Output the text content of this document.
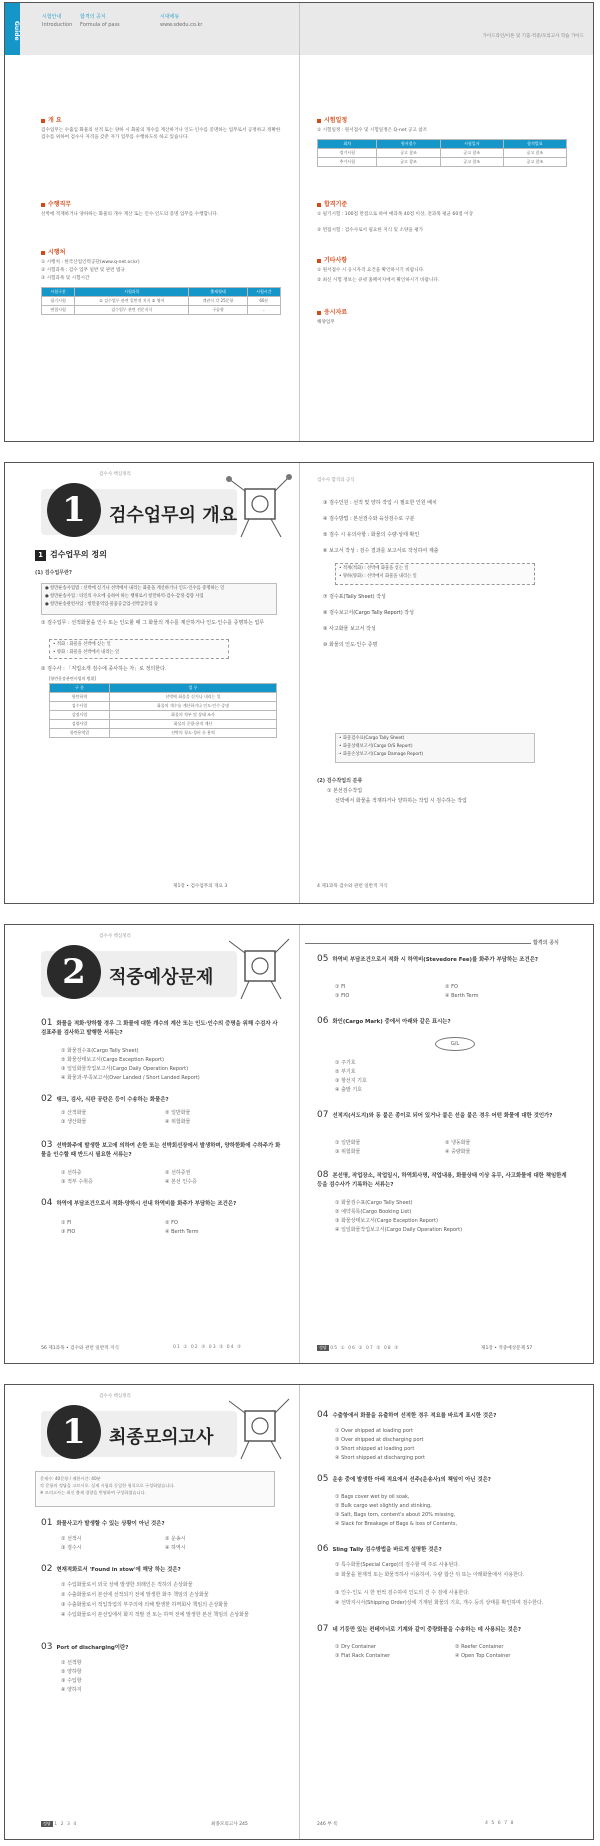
Guide
시험안내
Introduction
합격의 공식
Formula of pass
시대에듀
www.sdedu.co.kr
가이드라인/이론 및 기출·적중/모의고사 학습 가이드
개 요
검수업무는 수출입 화물의 선적 또는 양하 시 화물의 개수를 계산하거나 인도·인수를 증명하는 업무로서 공정하고 정확한 검수를 위하여 검수사 자격을 갖춘 자가 업무를 수행하도록 하고 있습니다.
수행직무
선박에 적재하거나 양하하는 화물의 개수 계산 또는 인수·인도의 증명 업무를 수행합니다.
시행처
① 시행처 : 한국산업인력공단(www.q-net.or.kr)
② 시험과목 : 검수 업무 일반 및 관련 법규
③ 시험과목 및 시험시간
시험구분	시험과목	출제형태	시험시간
필기시험	① 검수업무 관련 일반적 지식 ② 영어	객관식 각 25문항	60분
면접시험	검수업무 관련 전문지식	구술형	-
시험일정
① 시험일정 : 원서접수 및 시험일정은 Q-net 공고 참조
회차	원서접수	시험일자	합격발표
정기시험	공고 참조	공고 참조	공고 참조
추가시험	공고 참조	공고 참조	공고 참조
합격기준
① 필기시험 : 100점 만점으로 하여 매과목 40점 이상, 전과목 평균 60점 이상
② 면접시험 : 검수사로서 필요한 지식 및 소양을 평가
기타사항
① 원서접수 시 응시자격 요건을 확인하시기 바랍니다.
② 최신 시험 정보는 큐넷 홈페이지에서 확인하시기 바랍니다.
응시자료
해양업무
검수사 핵심정리
1	검수업무의 개요
1 검수업무의 정의
(1) 검수업무란?
● 항만운송사업법 : 선박에 싣거나 선박에서 내리는 화물을 계산하거나 인도·인수를 증명하는 일
● 항만운송사업 : 타인의 수요에 응하여 하는 행위로서 항만하역·검수·감정·검량 사업
● 항만운송관련사업 : 항만용역업·물품공급업·선박급유업 등
① 검수업무 : 선적화물을 인수 또는 인도할 때 그 화물의 개수를 계산하거나 인도·인수를 증명하는 업무
• 적화 : 화물을 선박에 싣는 일
• 양화 : 화물을 선박에서 내리는 일
② 검수사 : 「직업소개 검수에 종사하는 자」로 정의한다.
[항만운송관련사업의 범위]
구 분	업 무
항만하역	선박에 화물을 싣거나 내리는 일
검수사업	화물의 개수를 계산하거나 인도·인수 증명
감정사업	화물의 적부 및 상태 조사
검량사업	화물의 중량·용적 계산
항만용역업	선박의 청소·경비 등 용역
제1장 • 검수업무의 개요 3
검수사 합격의 공식
③ 검수인원 : 선적 및 양하 작업 시 필요한 인원 배치
④ 검수방법 : 본선검수와 육상검수로 구분
⑤ 검수 시 유의사항 : 화물의 수량·상태 확인
⑥ 보고서 작성 : 검수 결과를 보고서로 작성하여 제출
• 적재(적화) : 선박에 화물을 싣는 일
• 양하(양화) : 선박에서 화물을 내리는 일
⑦ 검수표(Tally Sheet) 작성
⑧ 검수보고서(Cargo Tally Report) 작성
⑨ 사고화물 보고서 작성
⑩ 화물의 인도·인수 증명
• 화물검수표(Cargo Tally Sheet)
• 화물상태보고서(Cargo O/S Report)
• 화물손상보고서(Cargo Damage Report)
(2) 검수작업의 분류
① 본선검수작업
선박에서 화물을 적재하거나 양하하는 작업 시 검수하는 작업
4 제1과목 검수와 관련 일반적 지식
검수사 핵심정리
2	적중예상문제
합격의 공식
01 화물을 적화·양하할 경우 그 화물에 대한 개수의 계산 또는 인도·인수의 증명을 위해 수검자 사검표주를 검사하고 발행한 서류는?
① 화물검수표(Cargo Tally Sheet)
② 화물상태보고서(Cargo Exception Report)
③ 일일화물작업보고서(Cargo Daily Operation Report)
④ 화물과·부족보고서(Over Landed / Short Landed Report)
02 탱크, 검사, 식판 공란은 등이 수송하는 화물은?
① 산적화물	② 일반화물
③ 생산화물	④ 위험화물
03 선박화주에 발생한 보고에 의하여 손한 또는 선박회선장에서 발생하며, 양하한화에 수하주가 화물을 인수할 때 반드시 필요한 서류는?
① 선하증	② 선하증권
③ 적부 수취증	④ 본선 인수증
04 하역에 부담조건으로서 적화·양하시 선내 하역비를 화주가 부담하는 조건은?
① FI	② FO
③ FIO	④ Berth Term
56 제1과목 • 검수와 관련 일반적 지식	01 ① 02 ③ 03 ② 04 ③
05 하역비 부담조건으로서 적화 시 하역비(Stevedore Fee)를 화주가 부담하는 조건은?
① FI	② FO
③ FIO	④ Berth Term
06 화인(Cargo Mark) 중에서 아래와 같은 표시는?
G/L
① 주기호
② 부기호
③ 항선지 기호
④ 출발 기호
07 선적지(서도지)와 동 붙은 종이로 되어 있거나 붙은 선을 붙은 경우 어떤 화물에 대한 것인가?
① 일반화물	② 냉동화물
③ 위험화물	④ 중량화물
08 본선명, 작업장소, 작업일시, 하역회사명, 작업내용, 화물상태 이상 유무, 사고화물에 대한 책임한계 등을 검수사가 기록하는 서류는?
① 화물검수표(Cargo Tally Sheet)
② 예약목록(Cargo Booking List)
③ 화물상태보고서(Cargo Exception Report)
④ 일일화물작업보고서(Cargo Daily Operation Report)
정답 05 ① 06 ② 07 ② 08 ③	제1장 • 적중예상문제 57
검수사 핵심정리
1	최종모의고사
문제수: 40문항 / 제한시간: 40분
각 문항의 정답을 고르시오. 실제 시험과 동일한 형식으로 구성하였습니다.
※ 모의고사는 최신 출제 경향을 반영하여 구성하였습니다.
01 화물사고가 발생할 수 있는 상황이 아닌 것은?
① 선적시	② 운송시
③ 검수시	④ 하역시
02 현재적화로서 'Found in stow'에 해당 하는 것은?
① 수입화물로서 외국 상에 발생한 외래인은 적하의 손상화물
② 수출화물로서 본선에 선적되기 전에 발생한 화주 책임의 손상화물
③ 수출화물로서 적입작업의 부주의에 의해 발생한 하역회사 책임의 손상화물
④ 수입화물로서 본선입에서 화지 적발 전 또는 하역 전에 발생한 본선 책임의 손상화물
03 Port of discharging이란?
① 선적항
② 양하항
③ 수입항
④ 양하지
정답 1 2 3 4	최종모의고사 245
04 수출항에서 화물을 유출하여 선적한 경우 적요를 바르게 표시한 것은?
① Over shipped at loading port
② Over shipped at discharging port
③ Short shipped at loading port
④ Short shipped at discharging port
05 운송 중에 발생한 아래 적요에서 선주(운송사)의 책임이 아닌 것은?
① Bags cover wet by oil soak,
② Bulk cargo wet slightly and stinking,
③ Salt, Bags torn, content's about 20% missing,
④ Slack for Breakage of Bags & loss of Contents,
06 Sling Tally 검수방법을 바르게 설명한 것은?
① 특수화물(Special Cargo)의 검수할 때 주로 사용된다.
② 화물을 현재적 또는 화물적하사 이용하여, 수량 합산 뒤 또는 아래화물에서 사용한다.
③ 인수·인도 시 한 번씩 검수하여 인도의 건 수 검에 사용한다.
④ 선박지시서(Shipping Order)상에 기재된 화물의 기호, 개수 등의 상태를 확인하며 검수한다.
07 네 기둥만 있는 컨테이너로 기계와 같이 중량화물을 수송하는 데 사용되는 것은?
① Dry Container	② Reefer Container
③ Flat Rack Container	④ Open Top Container
246 부 록	4 5 6 7 8
